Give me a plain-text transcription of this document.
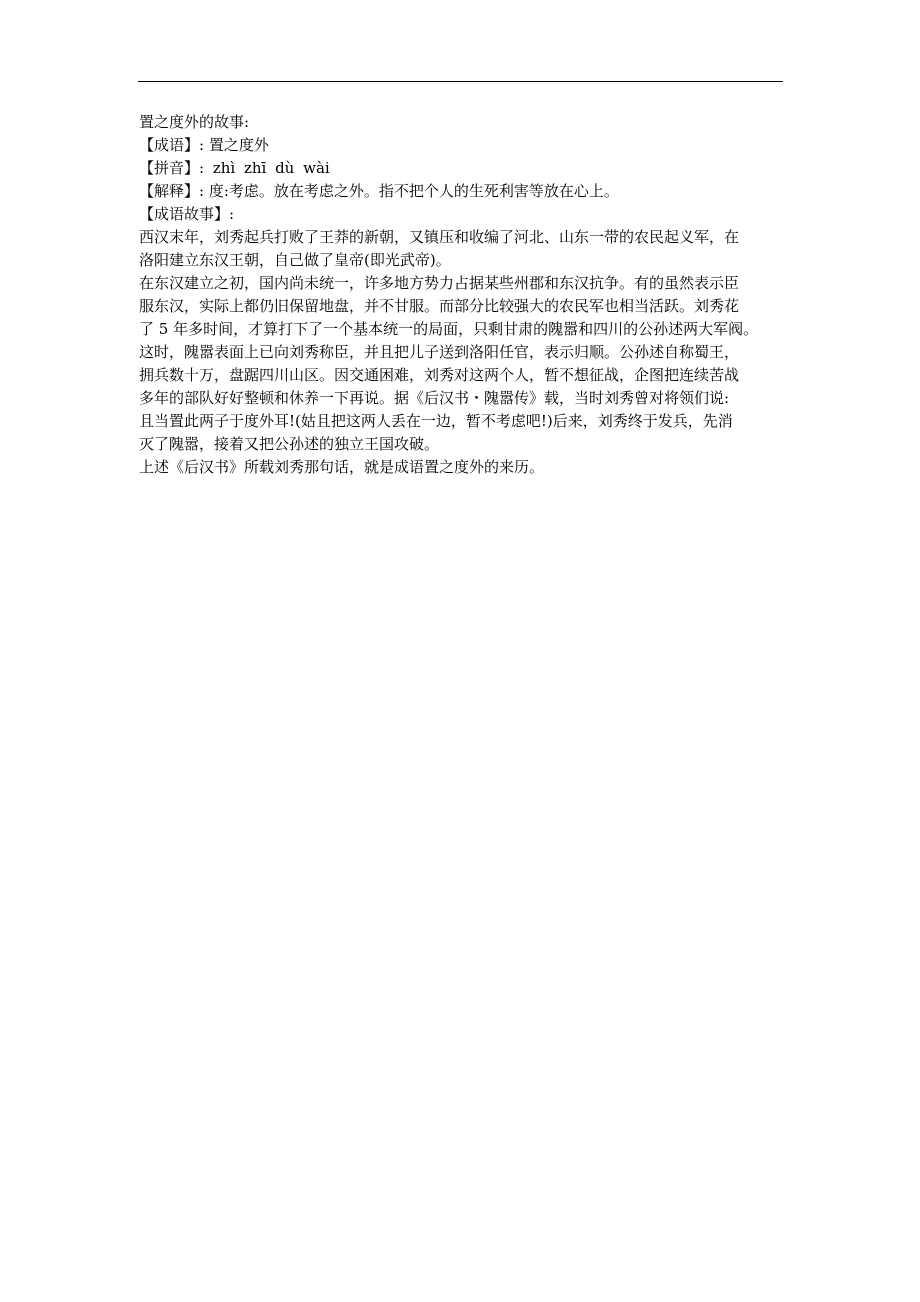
置之度外的故事:
【成语】: 置之度外
【拼音】: zhì zhī dù wài
【解释】: 度:考虑。放在考虑之外。指不把个人的生死利害等放在心上。
【成语故事】:
西汉末年，刘秀起兵打败了王莽的新朝，又镇压和收编了河北、山东一带的农民起义军，在
洛阳建立东汉王朝，自己做了皇帝(即光武帝)。
在东汉建立之初，国内尚未统一，许多地方势力占据某些州郡和东汉抗争。有的虽然表示臣
服东汉，实际上都仍旧保留地盘，并不甘服。而部分比较强大的农民军也相当活跃。刘秀花
了 5 年多时间，才算打下了一个基本统一的局面，只剩甘肃的隗嚣和四川的公孙述两大军阀。
这时，隗嚣表面上已向刘秀称臣，并且把儿子送到洛阳任官，表示归顺。公孙述自称蜀王，
拥兵数十万，盘踞四川山区。因交通困难，刘秀对这两个人，暂不想征战，企图把连续苦战
多年的部队好好整顿和休养一下再说。据《后汉书・隗嚣传》载，当时刘秀曾对将领们说:
且当置此两子于度外耳!(姑且把这两人丢在一边，暂不考虑吧!)后来，刘秀终于发兵，先消
灭了隗嚣，接着又把公孙述的独立王国攻破。
上述《后汉书》所载刘秀那句话，就是成语置之度外的来历。
